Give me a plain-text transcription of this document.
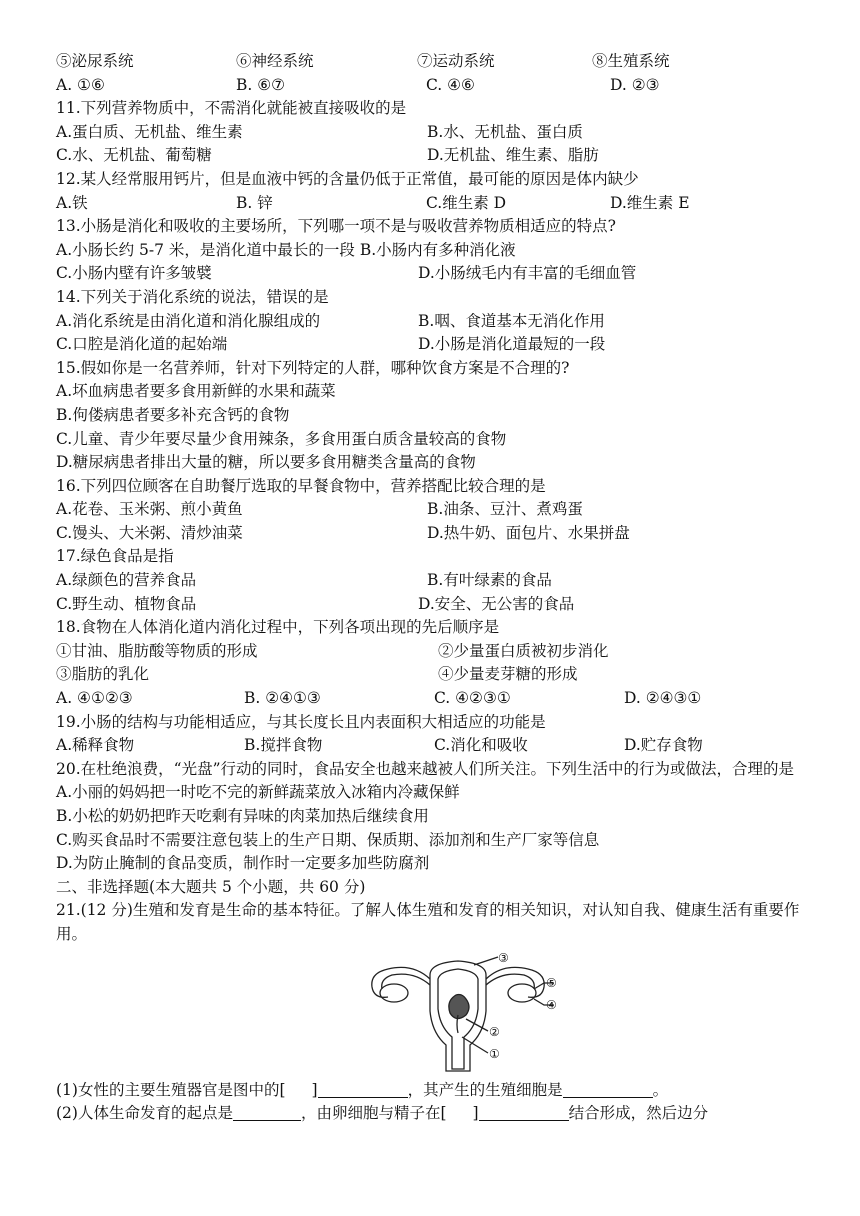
⑤泌尿系统	⑥神经系统	⑦运动系统	⑧生殖系统
A. ①⑥	B. ⑥⑦	C. ④⑥	D. ②③
11.下列营养物质中，不需消化就能被直接吸收的是
A.蛋白质、无机盐、维生素	B.水、无机盐、蛋白质
C.水、无机盐、葡萄糖	D.无机盐、维生素、脂肪
12.某人经常服用钙片，但是血液中钙的含量仍低于正常值，最可能的原因是体内缺少
A.铁	B. 锌	C.维生素 D	D.维生素 E
13.小肠是消化和吸收的主要场所，下列哪一项不是与吸收营养物质相适应的特点?
A.小肠长约 5-7 米，是消化道中最长的一段 B.小肠内有多种消化液
C.小肠内壁有许多皱襞	D.小肠绒毛内有丰富的毛细血管
14.下列关于消化系统的说法，错误的是
A.消化系统是由消化道和消化腺组成的	B.咽、食道基本无消化作用
C.口腔是消化道的起始端	D.小肠是消化道最短的一段
15.假如你是一名营养师，针对下列特定的人群，哪种饮食方案是不合理的?
A.坏血病患者要多食用新鲜的水果和蔬菜
B.佝偻病患者要多补充含钙的食物
C.儿童、青少年要尽量少食用辣条，多食用蛋白质含量较高的食物
D.糖尿病患者排出大量的糖，所以要多食用糖类含量高的食物
16.下列四位顾客在自助餐厅选取的早餐食物中，营养搭配比较合理的是
A.花卷、玉米粥、煎小黄鱼	B.油条、豆汁、煮鸡蛋
C.馒头、大米粥、清炒油菜	D.热牛奶、面包片、水果拼盘
17.绿色食品是指
A.绿颜色的营养食品	B.有叶绿素的食品
C.野生动、植物食品	D.安全、无公害的食品
18.食物在人体消化道内消化过程中，下列各项出现的先后顺序是
①甘油、脂肪酸等物质的形成	②少量蛋白质被初步消化
③脂肪的乳化	④少量麦芽糖的形成
A. ④①②③	B. ②④①③	C. ④②③①	D. ②④③①
19.小肠的结构与功能相适应，与其长度长且内表面积大相适应的功能是
A.稀释食物	B.搅拌食物	C.消化和吸收	D.贮存食物
20.在杜绝浪费，“光盘”行动的同时，食品安全也越来越被人们所关注。下列生活中的行为或做法，合理的是
A.小丽的妈妈把一时吃不完的新鲜蔬菜放入冰箱内冷藏保鲜
B.小松的奶奶把昨天吃剩有异味的肉菜加热后继续食用
C.购买食品时不需要注意包装上的生产日期、保质期、添加剂和生产厂家等信息
D.为防止腌制的食品变质，制作时一定要多加些防腐剂
二、非选择题(本大题共 5 个小题，共 60 分)
21.(12 分)生殖和发育是生命的基本特征。了解人体生殖和发育的相关知识，对认知自我、健康生活有重要作用。
③
⑤
④
②
①
(1)女性的主要生殖器官是图中的[ ]	，其产生的生殖细胞是	。
(2)人体生命发育的起点是	，由卵细胞与精子在[ ]	结合形成，然后边分
